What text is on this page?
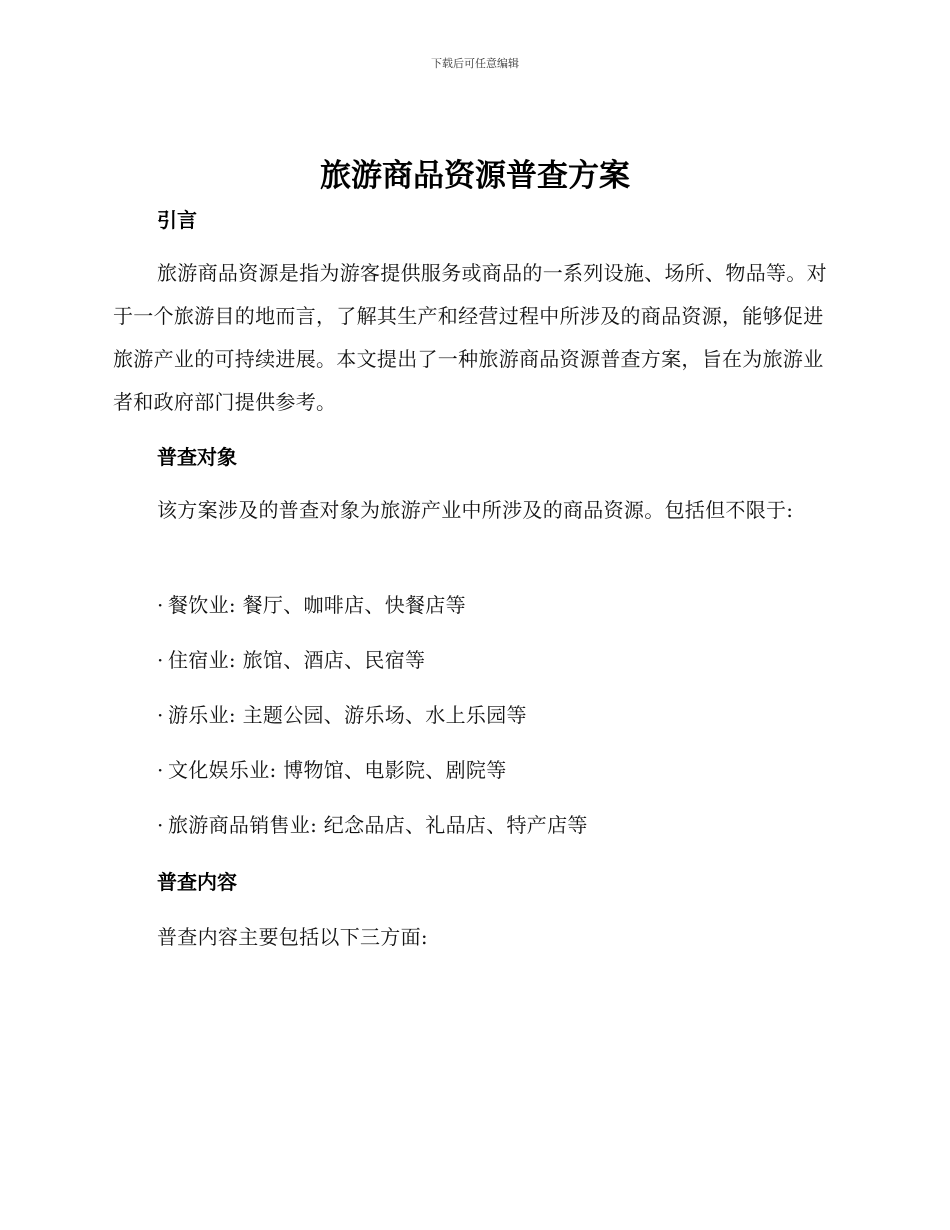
下载后可任意编辑
旅游商品资源普查方案
引言

旅游商品资源是指为游客提供服务或商品的一系列设施、场所、物品等。对于一个旅游目的地而言，了解其生产和经营过程中所涉及的商品资源，能够促进旅游产业的可持续进展。本文提出了一种旅游商品资源普查方案，旨在为旅游业者和政府部门提供参考。

普查对象

该方案涉及的普查对象为旅游产业中所涉及的商品资源。包括但不限于:

· 餐饮业: 餐厅、咖啡店、快餐店等
· 住宿业: 旅馆、酒店、民宿等
· 游乐业: 主题公园、游乐场、水上乐园等
· 文化娱乐业: 博物馆、电影院、剧院等
· 旅游商品销售业: 纪念品店、礼品店、特产店等
普查内容

普查内容主要包括以下三方面:
